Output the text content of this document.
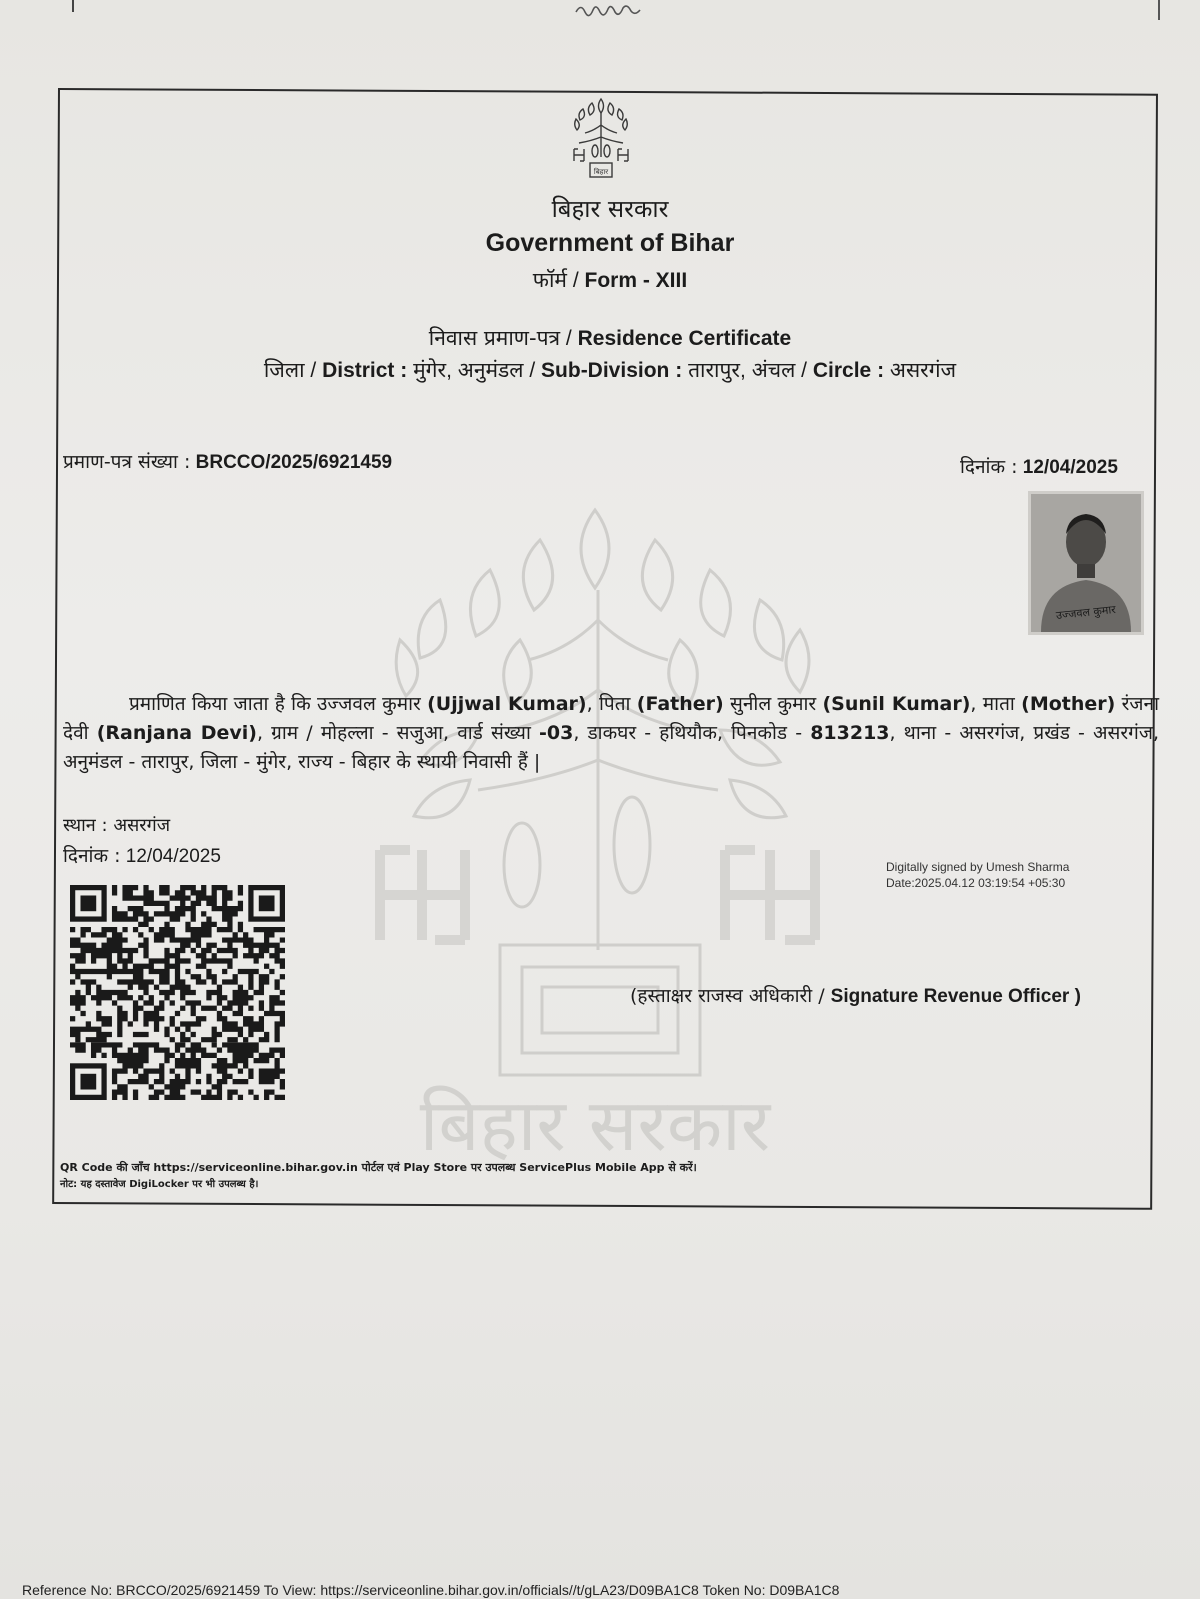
बिहार सरकार
बिहार
बिहार सरकार
Government of Bihar
फॉर्म / Form - XIII
निवास प्रमाण-पत्र / Residence Certificate
जिला / District : मुंगेर, अनुमंडल / Sub-Division : तारापुर, अंचल / Circle : असरगंज
प्रमाण-पत्र संख्या : BRCCO/2025/6921459	दिनांक : 12/04/2025
उज्जवल कुमार
प्रमाणित किया जाता है कि उज्जवल कुमार (Ujjwal Kumar), पिता (Father) सुनील कुमार (Sunil Kumar), माता (Mother) रंजना देवी (Ranjana Devi), ग्राम / मोहल्ला - सजुआ, वार्ड संख्या -03, डाकघर - हथियौक, पिनकोड - 813213, थाना - असरगंज, प्रखंड - असरगंज, अनुमंडल - तारापुर, जिला - मुंगेर, राज्य - बिहार के स्थायी निवासी हैं |
स्थान : असरगंज
दिनांक : 12/04/2025	Digitally signed by Umesh Sharma
Date:2025.04.12 03:19:54 +05:30
(हस्ताक्षर राजस्व अधिकारी / Signature Revenue Officer )
QR Code की जाँच https://serviceonline.bihar.gov.in पोर्टल एवं Play Store पर उपलब्ध ServicePlus Mobile App से करें।
नोट: यह दस्तावेज DigiLocker पर भी उपलब्ध है।
Reference No: BRCCO/2025/6921459 To View: https://serviceonline.bihar.gov.in/officials//t/gLA23/D09BA1C8 Token No: D09BA1C8
